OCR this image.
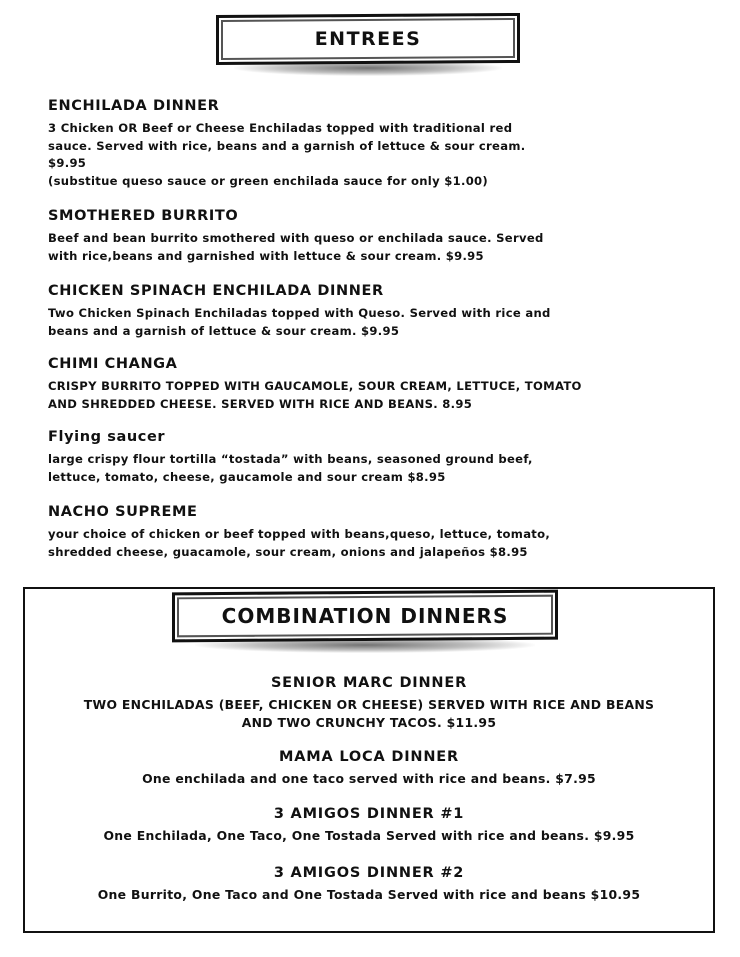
ENTREES
ENCHILADA DINNER

3 Chicken OR Beef or Cheese Enchiladas topped with traditional red
sauce. Served with rice, beans and a garnish of lettuce & sour cream.
$9.95
(substitue queso sauce or green enchilada sauce for only $1.00)

SMOTHERED BURRITO

Beef and bean burrito smothered with queso or enchilada sauce. Served
with rice,beans and garnished with lettuce & sour cream. $9.95

CHICKEN SPINACH ENCHILADA DINNER

Two Chicken Spinach Enchiladas topped with Queso. Served with rice and
beans and a garnish of lettuce & sour cream. $9.95

CHIMI CHANGA

CRISPY BURRITO TOPPED WITH GAUCAMOLE, SOUR CREAM, LETTUCE, TOMATO
AND SHREDDED CHEESE. SERVED WITH RICE AND BEANS. 8.95

Flying saucer

large crispy flour tortilla “tostada” with beans, seasoned ground beef,
lettuce, tomato, cheese, gaucamole and sour cream $8.95

NACHO SUPREME

your choice of chicken or beef topped with beans,queso, lettuce, tomato,
shredded cheese, guacamole, sour cream, onions and jalapeños $8.95

COMBINATION DINNERS
SENIOR MARC DINNER

TWO ENCHILADAS (BEEF, CHICKEN OR CHEESE) SERVED WITH RICE AND BEANS
AND TWO CRUNCHY TACOS. $11.95

MAMA LOCA DINNER

One enchilada and one taco served with rice and beans. $7.95

3 AMIGOS DINNER #1

One Enchilada, One Taco, One Tostada Served with rice and beans. $9.95

3 AMIGOS DINNER #2

One Burrito, One Taco and One Tostada Served with rice and beans $10.95
